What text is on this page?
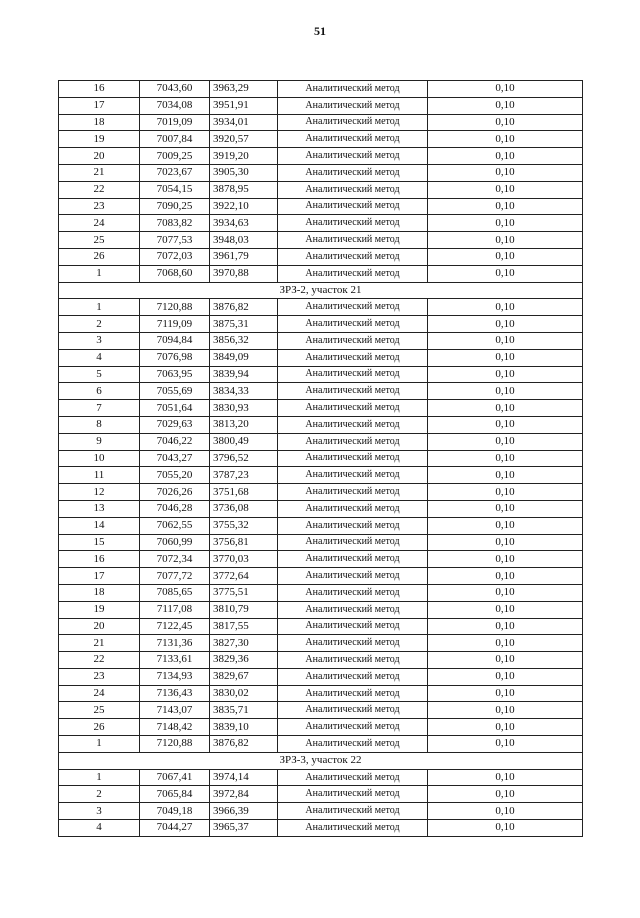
51
16	7043,60	3963,29	Аналитический метод	0,10
17	7034,08	3951,91	Аналитический метод	0,10
18	7019,09	3934,01	Аналитический метод	0,10
19	7007,84	3920,57	Аналитический метод	0,10
20	7009,25	3919,20	Аналитический метод	0,10
21	7023,67	3905,30	Аналитический метод	0,10
22	7054,15	3878,95	Аналитический метод	0,10
23	7090,25	3922,10	Аналитический метод	0,10
24	7083,82	3934,63	Аналитический метод	0,10
25	7077,53	3948,03	Аналитический метод	0,10
26	7072,03	3961,79	Аналитический метод	0,10
1	7068,60	3970,88	Аналитический метод	0,10
ЗРЗ-2, участок 21				
1	7120,88	3876,82	Аналитический метод	0,10
2	7119,09	3875,31	Аналитический метод	0,10
3	7094,84	3856,32	Аналитический метод	0,10
4	7076,98	3849,09	Аналитический метод	0,10
5	7063,95	3839,94	Аналитический метод	0,10
6	7055,69	3834,33	Аналитический метод	0,10
7	7051,64	3830,93	Аналитический метод	0,10
8	7029,63	3813,20	Аналитический метод	0,10
9	7046,22	3800,49	Аналитический метод	0,10
10	7043,27	3796,52	Аналитический метод	0,10
11	7055,20	3787,23	Аналитический метод	0,10
12	7026,26	3751,68	Аналитический метод	0,10
13	7046,28	3736,08	Аналитический метод	0,10
14	7062,55	3755,32	Аналитический метод	0,10
15	7060,99	3756,81	Аналитический метод	0,10
16	7072,34	3770,03	Аналитический метод	0,10
17	7077,72	3772,64	Аналитический метод	0,10
18	7085,65	3775,51	Аналитический метод	0,10
19	7117,08	3810,79	Аналитический метод	0,10
20	7122,45	3817,55	Аналитический метод	0,10
21	7131,36	3827,30	Аналитический метод	0,10
22	7133,61	3829,36	Аналитический метод	0,10
23	7134,93	3829,67	Аналитический метод	0,10
24	7136,43	3830,02	Аналитический метод	0,10
25	7143,07	3835,71	Аналитический метод	0,10
26	7148,42	3839,10	Аналитический метод	0,10
1	7120,88	3876,82	Аналитический метод	0,10
ЗРЗ-3, участок 22				
1	7067,41	3974,14	Аналитический метод	0,10
2	7065,84	3972,84	Аналитический метод	0,10
3	7049,18	3966,39	Аналитический метод	0,10
4	7044,27	3965,37	Аналитический метод	0,10
